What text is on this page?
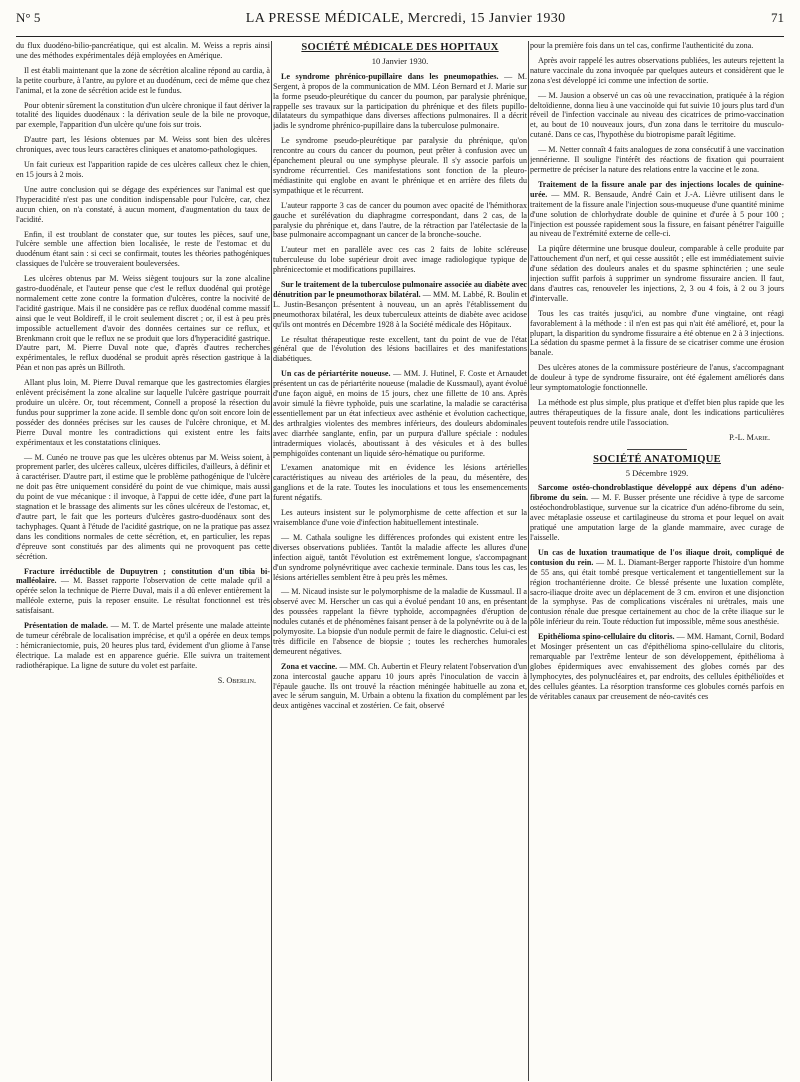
N° 5	LA PRESSE MÉDICALE, Mercredi, 15 Janvier 1930	71

du flux duodéno-bilio-pancréatique, qui est alcalin. M. Weiss a repris ainsi une des méthodes expérimentales déjà employées en Amérique.

Il est établi maintenant que la zone de sécrétion alcaline répond au cardia, à la petite courbure, à l'antre, au pylore et au duodénum, ceci de même que chez l'animal, et la zone de sécrétion acide est le fundus.

Pour obtenir sûrement la constitution d'un ulcère chronique il faut dériver la totalité des liquides duodénaux : la dérivation seule de la bile ne provoque, par exemple, l'apparition d'un ulcère qu'une fois sur trois.

D'autre part, les lésions obtenues par M. Weiss sont bien des ulcères chroniques, avec tous leurs caractères cliniques et anatomo-pathologiques.

Un fait curieux est l'apparition rapide de ces ulcères calleux chez le chien, en 15 jours à 2 mois.

Une autre conclusion qui se dégage des expériences sur l'animal est que l'hyperacidité n'est pas une condition indispensable pour l'ulcère, car, chez aucun chien, on n'a constaté, à aucun moment, d'augmentation du taux de l'acidité.

Enfin, il est troublant de constater que, sur toutes les pièces, sauf une, l'ulcère semble une affection bien localisée, le reste de l'estomac et du duodénum étant sain : si ceci se confirmait, toutes les théories pathogéniques classiques de l'ulcère se trouveraient bouleversées.

Les ulcères obtenus par M. Weiss siègent toujours sur la zone alcaline gastro-duodénale, et l'auteur pense que c'est le reflux duodénal qui protège normalement cette zone contre la formation d'ulcères, contre la nocivité de l'acidité gastrique. Mais il ne considère pas ce reflux duodénal comme massif ainsi que le veut Boldireff, il le croit seulement discret ; or, il est à peu près impossible actuellement d'avoir des données certaines sur ce reflux, et Brenkmann croit que le reflux ne se produit que lors d'hyperacidité gastrique. D'autre part, M. Pierre Duval note que, d'après d'autres recherches expérimentales, le reflux duodénal se produit après résection gastrique à la Péan et non pas après un Billroth.

Allant plus loin, M. Pierre Duval remarque que les gastrectomies élargies enlèvent précisément la zone alcaline sur laquelle l'ulcère gastrique pourrait produire un ulcère. Or, tout récemment, Connell a proposé la résection du fundus pour supprimer la zone acide. Il semble donc qu'on soit encore loin de posséder des données précises sur les causes de l'ulcère chronique, et M. Pierre Duval montre les contradictions qui existent entre les faits expérimentaux et les constatations cliniques.

— M. Cunéo ne trouve pas que les ulcères obtenus par M. Weiss soient, à proprement parler, des ulcères calleux, ulcères difficiles, d'ailleurs, à définir et à caractériser. D'autre part, il estime que le problème pathogénique de l'ulcère ne doit pas être uniquement considéré du point de vue chimique, mais aussi du point de vue mécanique : il invoque, à l'appui de cette idée, d'une part la stagnation et le brassage des aliments sur les cônes ulcéreux de l'estomac, et, d'autre part, le fait que les porteurs d'ulcères gastro-duodénaux sont des tachyphages. Quant à l'étude de l'acidité gastrique, on ne la pratique pas assez dans les conditions normales de cette sécrétion, et, en particulier, les repas d'épreuve sont constitués par des aliments qui ne provoquent pas cette sécrétion.

Fracture irréductible de Dupuytren ; constitution d'un tibia bi-malléolaire. — M. Basset rapporte l'observation de cette malade qu'il a opérée selon la technique de Pierre Duval, mais il a dû enlever entièrement la malléole externe, puis la reposer ensuite. Le résultat fonctionnel est très satisfaisant.

Présentation de malade. — M. T. de Martel présente une malade atteinte de tumeur cérébrale de localisation imprécise, et qu'il a opérée en deux temps : hémicraniectomie, puis, 20 heures plus tard, évidement d'un gliome à l'anse électrique. La malade est en apparence guérie. Elle suivra un traitement radiothérapique. La ligne de suture du volet est parfaite.

S. Oberlin.
SOCIÉTÉ MÉDICALE DES HOPITAUX
10 Janvier 1930.

Le syndrome phrénico-pupillaire dans les pneumopathies. — M. Sergent, à propos de la communication de MM. Léon Bernard et J. Marie sur la forme pseudo-pleurétique du cancer du poumon, par paralysie phrénique, rappelle ses travaux sur la participation du phrénique et des filets pupillo-dilatateurs du sympathique dans diverses affections pulmonaires. Il a décrit jadis le syndrome phrénico-pupillaire dans la tuberculose pulmonaire.

Le syndrome pseudo-pleurétique par paralysie du phrénique, qu'on rencontre au cours du cancer du poumon, peut prêter à confusion avec un épanchement pleural ou une symphyse pleurale. Il s'y associe parfois un syndrome récurrentiel. Ces manifestations sont fonction de la pleuro-médiastinite qui englobe en avant le phrénique et en arrière des filets du sympathique et le récurrent.

L'auteur rapporte 3 cas de cancer du poumon avec opacité de l'hémithorax gauche et surélévation du diaphragme correspondant, dans 2 cas, de la paralysie du phrénique et, dans l'autre, de la rétraction par l'atélectasie de la base pulmonaire accompagnant un cancer de la bronche-souche.

L'auteur met en parallèle avec ces cas 2 faits de lobite scléreuse tuberculeuse du lobe supérieur droit avec image radiologique typique de phrénicectomie et modifications pupillaires.

Sur le traitement de la tuberculose pulmonaire associée au diabète avec dénutrition par le pneumothorax bilatéral. — MM. M. Labbé, R. Boulin et L. Justin-Besançon présentent à nouveau, un an après l'établissement du pneumothorax bilatéral, les deux tuberculeux atteints de diabète avec acidose qu'ils ont montrés en Décembre 1928 à la Société médicale des Hôpitaux.

Le résultat thérapeutique reste excellent, tant du point de vue de l'état général que de l'évolution des lésions bacillaires et des manifestations diabétiques.

Un cas de périartérite noueuse. — MM. J. Hutinel, F. Coste et Arnaudet présentent un cas de périartérite noueuse (maladie de Kussmaul), ayant évolué d'une façon aiguë, en moins de 15 jours, chez une fillette de 10 ans. Après avoir simulé la fièvre typhoïde, puis une scarlatine, la maladie se caractérisa essentiellement par un état infectieux avec asthénie et évolution cachectique, des arthralgies violentes des membres inférieurs, des douleurs abdominales avec diarrhée sanglante, enfin, par un purpura d'allure spéciale : nodules intradermiques violacés, aboutissant à des vésicules et à des bulles pemphigoïdes contenant un liquide séro-hématique ou puriforme.

L'examen anatomique mit en évidence les lésions artérielles caractéristiques au niveau des artérioles de la peau, du mésentère, des ganglions et de la rate. Toutes les inoculations et tous les ensemencements furent négatifs.

Les auteurs insistent sur le polymorphisme de cette affection et sur la vraisemblance d'une voie d'infection habituellement intestinale.

— M. Cathala souligne les différences profondes qui existent entre les diverses observations publiées. Tantôt la maladie affecte les allures d'une infection aiguë, tantôt l'évolution est extrêmement longue, s'accompagnant d'un syndrome polynévritique avec cachexie terminale. Dans tous les cas, les lésions artérielles semblent être à peu près les mêmes.

— M. Nicaud insiste sur le polymorphisme de la maladie de Kussmaul. Il a observé avec M. Herscher un cas qui a évolué pendant 10 ans, en présentant des poussées rappelant la fièvre typhoïde, accompagnées d'éruption de nodules cutanés et de phénomènes faisant penser à de la polynévrite ou à de la polymyosite. La biopsie d'un nodule permit de faire le diagnostic. Celui-ci est très difficile en l'absence de biopsie ; toutes les recherches humorales demeurent négatives.

Zona et vaccine. — MM. Ch. Aubertin et Fleury relatent l'observation d'un zona intercostal gauche apparu 10 jours après l'inoculation de vaccin à l'épaule gauche. Ils ont trouvé la réaction méningée habituelle au zona et, avec le sérum sanguin, M. Urbain a obtenu la fixation du complément par les deux antigènes vaccinal et zostérien. Ce fait, observé

pour la première fois dans un tel cas, confirme l'authenticité du zona.

Après avoir rappelé les autres observations publiées, les auteurs rejettent la nature vaccinale du zona invoquée par quelques auteurs et considèrent que le zona s'est développé ici comme une infection de sortie.

— M. Jausion a observé un cas où une revaccination, pratiquée à la région deltoïdienne, donna lieu à une vaccinoïde qui fut suivie 10 jours plus tard d'un réveil de l'infection vaccinale au niveau des cicatrices de primo-vaccination et, au bout de 10 nouveaux jours, d'un zona dans le territoire du musculo-cutané. Dans ce cas, l'hypothèse du biotropisme paraît légitime.

— M. Netter connaît 4 faits analogues de zona consécutif à une vaccination jennérienne. Il souligne l'intérêt des réactions de fixation qui pourraient permettre de préciser la nature des relations entre la vaccine et le zona.

Traitement de la fissure anale par des injections locales de quinine-urée. — MM. R. Bensaude, André Cain et J.-A. Lièvre utilisent dans le traitement de la fissure anale l'injection sous-muqueuse d'une quantité minime d'une solution de chlorhydrate double de quinine et d'urée à 5 pour 100 ; l'injection est poussée rapidement sous la fissure, en faisant pénétrer l'aiguille au niveau de l'extrémité externe de celle-ci.

La piqûre détermine une brusque douleur, comparable à celle produite par l'attouchement d'un nerf, et qui cesse aussitôt ; elle est immédiatement suivie d'une sédation des douleurs anales et du spasme sphinctérien ; une seule injection suffit parfois à supprimer un syndrome fissuraire ancien. Il faut, dans d'autres cas, renouveler les injections, 2, 3 ou 4 fois, à 2 ou 3 jours d'intervalle.

Tous les cas traités jusqu'ici, au nombre d'une vingtaine, ont réagi favorablement à la méthode : il n'en est pas qui n'ait été amélioré, et, pour la plupart, la disparition du syndrome fissuraire a été obtenue en 2 à 3 injections. La sédation du spasme permet à la fissure de se cicatriser comme une érosion banale.

Des ulcères atones de la commissure postérieure de l'anus, s'accompagnant de douleur à type de syndrome fissuraire, ont été également améliorés dans leur symptomatologie fonctionnelle.

La méthode est plus simple, plus pratique et d'effet bien plus rapide que les autres thérapeutiques de la fissure anale, dont les indications particulières peuvent toutefois rendre utile l'association.

P.-L. Marie.
SOCIÉTÉ ANATOMIQUE
5 Décembre 1929.

Sarcome ostéo-chondroblastique développé aux dépens d'un adéno-fibrome du sein. — M. F. Busser présente une récidive à type de sarcome ostéochondroblastique, survenue sur la cicatrice d'un adéno-fibrome du sein, avec métaplasie osseuse et cartilagineuse du stroma et pour lequel on avait pratiqué une amputation large de la glande mammaire, avec curage de l'aisselle.

Un cas de luxation traumatique de l'os iliaque droit, compliqué de contusion du rein. — M. L. Diamant-Berger rapporte l'histoire d'un homme de 55 ans, qui était tombé presque verticalement et tangentiellement sur la région trochantérienne droite. Ce blessé présente une luxation complète, sacro-iliaque droite avec un déplacement de 3 cm. environ et une disjonction de la symphyse. Pas de complications viscérales ni urétrales, mais une contusion rénale due presque certainement au choc de la crête iliaque sur le pôle inférieur du rein. Toute réduction fut impossible, même sous anesthésie.

Epithélioma spino-cellulaire du clitoris. — MM. Hamant, Cornil, Bodard et Mosinger présentent un cas d'épithélioma spino-cellulaire du clitoris, remarquable par l'extrême lenteur de son développement, épithélioma à globes épidermiques avec envahissement des globes cornés par des lymphocytes, des polynucléaires et, par endroits, des cellules épithélioïdes et des cellules géantes. La résorption transforme ces globules cornés parfois en de véritables canaux par creusement de néo-cavités ces
